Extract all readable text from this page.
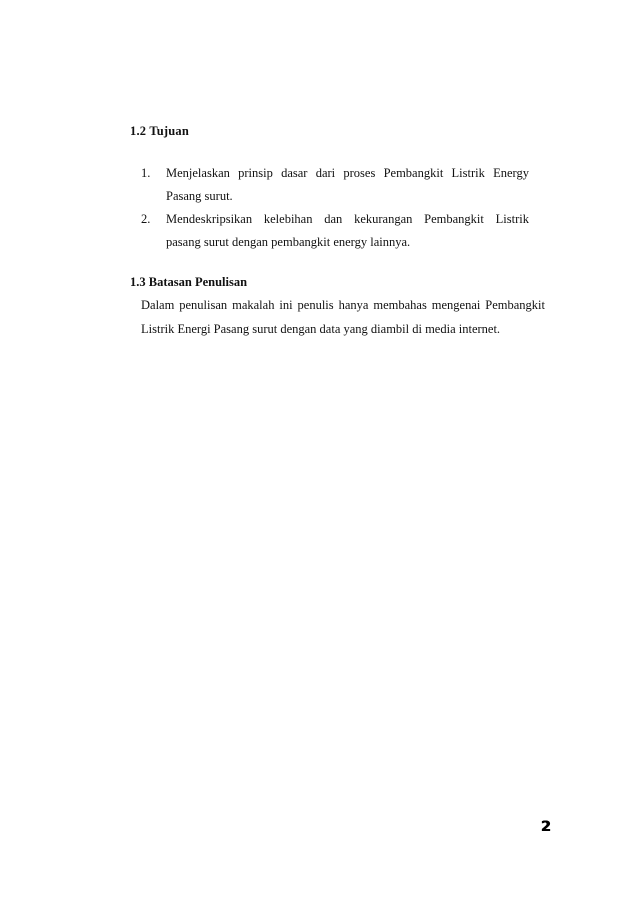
1.2 Tujuan
1. Menjelaskan prinsip dasar dari proses Pembangkit Listrik Energy
Pasang surut.
2. Mendeskripsikan kelebihan dan kekurangan Pembangkit Listrik
pasang surut dengan pembangkit energy lainnya.
1.3 Batasan Penulisan

Dalam penulisan makalah ini penulis hanya membahas mengenai Pembangkit
Listrik Energi Pasang surut dengan data yang diambil di media internet.

2
